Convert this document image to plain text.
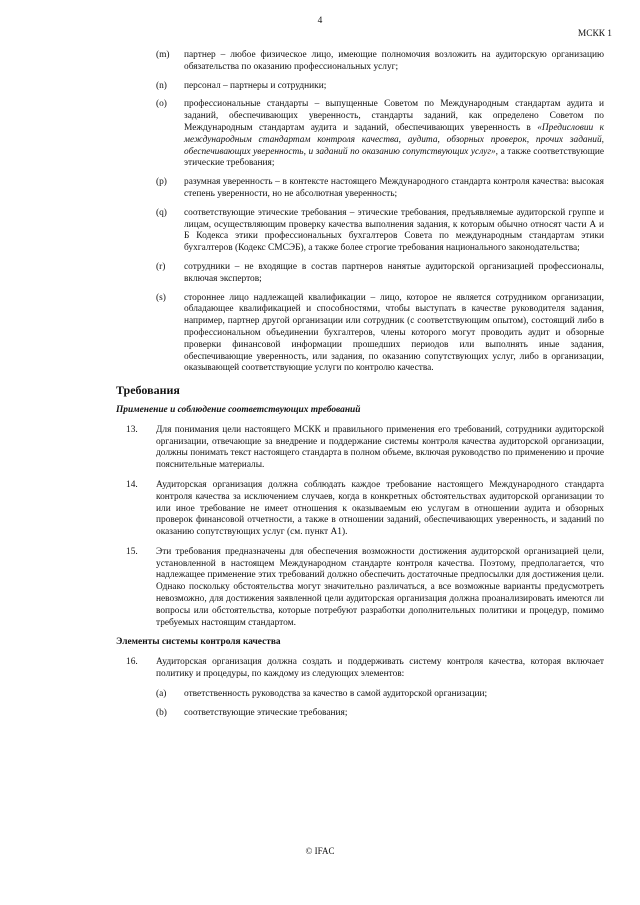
4
МСКК 1
(m)	партнер – любое физическое лицо, имеющие полномочия возложить на аудиторскую организацию обязательства по оказанию профессиональных услуг;
(n)	персонал – партнеры и сотрудники;
(o)	профессиональные стандарты – выпущенные Советом по Международным стандартам аудита и заданий, обеспечивающих уверенность, стандарты заданий, как определено Советом по Международным стандартам аудита и заданий, обеспечивающих уверенность в «Предисловии к международным стандартам контроля качества, аудита, обзорных проверок, прочих заданий, обеспечивающих уверенность, и заданий по оказанию сопутствующих услуг», а также соответствующие этические требования;
(p)	разумная уверенность – в контексте настоящего Международного стандарта контроля качества: высокая степень уверенности, но не абсолютная уверенность;
(q)	соответствующие этические требования – этические требования, предъявляемые аудиторской группе и лицам, осуществляющим проверку качества выполнения задания, к которым обычно относят части А и Б Кодекса этики профессиональных бухгалтеров Совета по международным стандартам этики бухгалтеров (Кодекс СМСЭБ), а также более строгие требования национального законодательства;
(r)	сотрудники – не входящие в состав партнеров нанятые аудиторской организацией профессионалы, включая экспертов;
(s)	стороннее лицо надлежащей квалификации – лицо, которое не является сотрудником организации, обладающее квалификацией и способностями, чтобы выступать в качестве руководителя задания, например, партнер другой организации или сотрудник (с соответствующим опытом), состоящий либо в профессиональном объединении бухгалтеров, члены которого могут проводить аудит и обзорные проверки финансовой информации прошедших периодов или выполнять иные задания, обеспечивающие уверенность, или задания, по оказанию сопутствующих услуг, либо в организации, оказывающей соответствующие услуги по контролю качества.
Требования
Применение и соблюдение соответствующих требований
13.	Для понимания цели настоящего МСКК и правильного применения его требований, сотрудники аудиторской организации, отвечающие за внедрение и поддержание системы контроля качества аудиторской организации, должны понимать текст настоящего стандарта в полном объеме, включая руководство по применению и прочие пояснительные материалы.
14.	Аудиторская организация должна соблюдать каждое требование настоящего Международного стандарта контроля качества за исключением случаев, когда в конкретных обстоятельствах аудиторской организации то или иное требование не имеет отношения к оказываемым ею услугам в отношении аудита и обзорных проверок финансовой отчетности, а также в отношении заданий, обеспечивающих уверенность, и заданий по оказанию сопутствующих услуг (см. пункт А1).
15.	Эти требования предназначены для обеспечения возможности достижения аудиторской организацией цели, установленной в настоящем Международном стандарте контроля качества. Поэтому, предполагается, что надлежащее применение этих требований должно обеспечить достаточные предпосылки для достижения цели. Однако поскольку обстоятельства могут значительно различаться, а все возможные варианты предусмотреть невозможно, для достижения заявленной цели аудиторская организация должна проанализировать имеются ли вопросы или обстоятельства, которые потребуют разработки дополнительных политики и процедур, помимо требуемых настоящим стандартом.
Элементы системы контроля качества
16.	Аудиторская организация должна создать и поддерживать систему контроля качества, которая включает политику и процедуры, по каждому из следующих элементов:
(a)	ответственность руководства за качество в самой аудиторской организации;
(b)	соответствующие этические требования;
© IFAC
